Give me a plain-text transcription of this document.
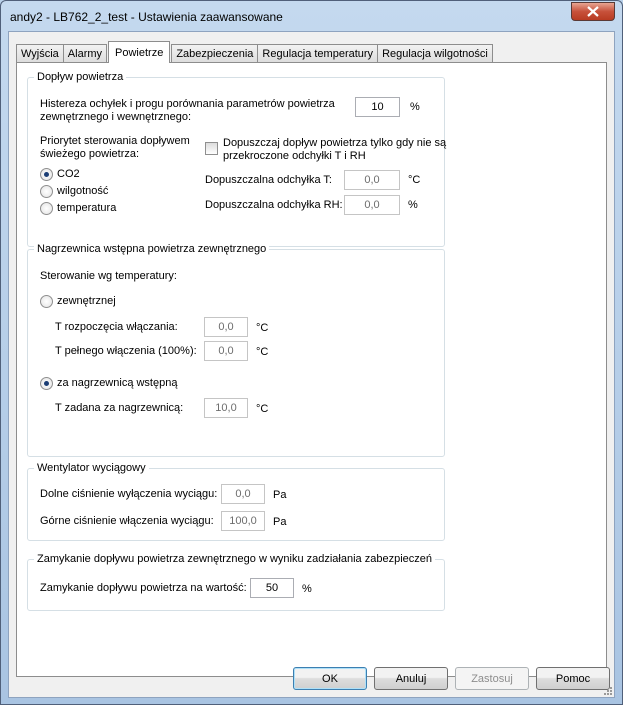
andy2 - LB762_2_test - Ustawienia zaawansowane
Wyjścia Alarmy	Powietrze	Zabezpieczenia Regulacja temperatury Regulacja wilgotności
Dopływ powietrza
Histereza ochyłek i progu porównania parametrów powietrza
zewnętrznego i wewnętrznego:
10	%
Priorytet sterowania dopływem
świeżego powietrza:
CO2
wilgotność
temperatura
Dopuszczaj dopływ powietrza tylko gdy nie są
przekroczone odchyłki T i RH
Dopuszczalna odchyłka T:	0,0	°C
Dopuszczalna odchyłka RH:	0,0	%
Nagrzewnica wstępna powietrza zewnętrznego
Sterowanie wg temperatury:
zewnętrznej
T rozpoczęcia włączania:	0,0	°C
T pełnego włączenia (100%):	0,0	°C
za nagrzewnicą wstępną
T zadana za nagrzewnicą:	10,0	°C
Wentylator wyciągowy
Dolne ciśnienie wyłączenia wyciągu:	0,0	Pa
Górne ciśnienie włączenia wyciągu:	100,0	Pa
Zamykanie dopływu powietrza zewnętrznego w wyniku zadziałania zabezpieczeń
Zamykanie dopływu powietrza na wartość:	50	%
OK	Anuluj	Zastosuj	Pomoc
